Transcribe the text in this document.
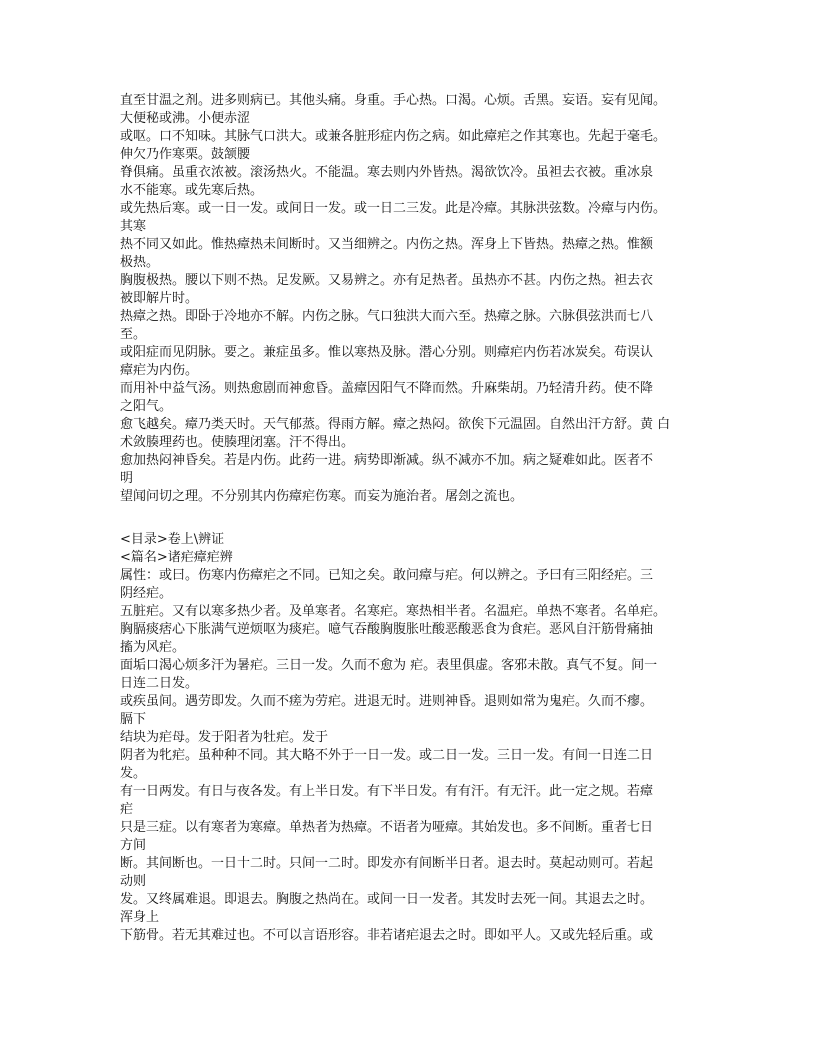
直至甘温之剂。进多则病已。其他头痛。身重。手心热。口渴。心烦。舌黑。妄语。妄有见闻。
大便秘或沸。小便赤涩
或呕。口不知味。其脉气口洪大。或兼各脏形症内伤之病。如此瘴疟之作其寒也。先起于毫毛。
伸欠乃作寒栗。鼓颔腰
脊俱痛。虽重衣浓被。滚汤热火。不能温。寒去则内外皆热。渴欲饮冷。虽袒去衣被。重冰泉
水不能寒。或先寒后热。
或先热后寒。或一日一发。或间日一发。或一日二三发。此是冷瘴。其脉洪弦数。冷瘴与内伤。
其寒
热不同又如此。惟热瘴热未间断时。又当细辨之。内伤之热。浑身上下皆热。热瘴之热。惟额
极热。
胸腹极热。腰以下则不热。足发厥。又易辨之。亦有足热者。虽热亦不甚。内伤之热。袒去衣
被即解片时。
热瘴之热。即卧于冷地亦不解。内伤之脉。气口独洪大而六至。热瘴之脉。六脉俱弦洪而七八
至。
或阳症而见阴脉。要之。兼症虽多。惟以寒热及脉。潜心分别。则瘴疟内伤若冰炭矣。苟误认
瘴疟为内伤。
而用补中益气汤。则热愈剧而神愈昏。盖瘴因阳气不降而然。升麻柴胡。乃轻清升药。使不降
之阳气。
愈飞越矣。瘴乃类天时。天气郁蒸。得雨方解。瘴之热闷。欲俟下元温固。自然出汗方舒。黄 白
术敛腠理药也。使腠理闭塞。汗不得出。
愈加热闷神昏矣。若是内伤。此药一进。病势即渐减。纵不减亦不加。病之疑难如此。医者不
明
望闻问切之理。不分别其内伤瘴疟伤寒。而妄为施治者。屠刽之流也。
<目录>卷上\辨证
<篇名>诸疟瘴疟辨
属性：或曰。伤寒内伤瘴疟之不同。已知之矣。敢问瘴与疟。何以辨之。予曰有三阳经疟。三
阴经疟。
五脏疟。又有以寒多热少者。及单寒者。名寒疟。寒热相半者。名温疟。单热不寒者。名单疟。
胸膈痰痞心下胀满气逆烦呕为痰疟。噫气吞酸胸腹胀吐酸恶酸恶食为食疟。恶风自汗筋骨痛抽
搐为风疟。
面垢口渴心烦多汗为暑疟。三日一发。久而不愈为 疟。表里俱虚。客邪未散。真气不复。间一
日连二日发。
或疾虽间。遇劳即发。久而不瘥为劳疟。进退无时。进则神昏。退则如常为鬼疟。久而不瘳。
膈下
结块为疟母。发于阳者为牡疟。发于
阴者为牝疟。虽种种不同。其大略不外于一日一发。或二日一发。三日一发。有间一日连二日
发。
有一日两发。有日与夜各发。有上半日发。有下半日发。有有汗。有无汗。此一定之规。若瘴
疟
只是三症。以有寒者为寒瘴。单热者为热瘴。不语者为哑瘴。其始发也。多不间断。重者七日
方间
断。其间断也。一日十二时。只间一二时。即发亦有间断半日者。退去时。莫起动则可。若起
动则
发。又终属难退。即退去。胸腹之热尚在。或间一日一发者。其发时去死一间。其退去之时。
浑身上
下筋骨。若无其难过也。不可以言语形容。非若诸疟退去之时。即如平人。又或先轻后重。或
